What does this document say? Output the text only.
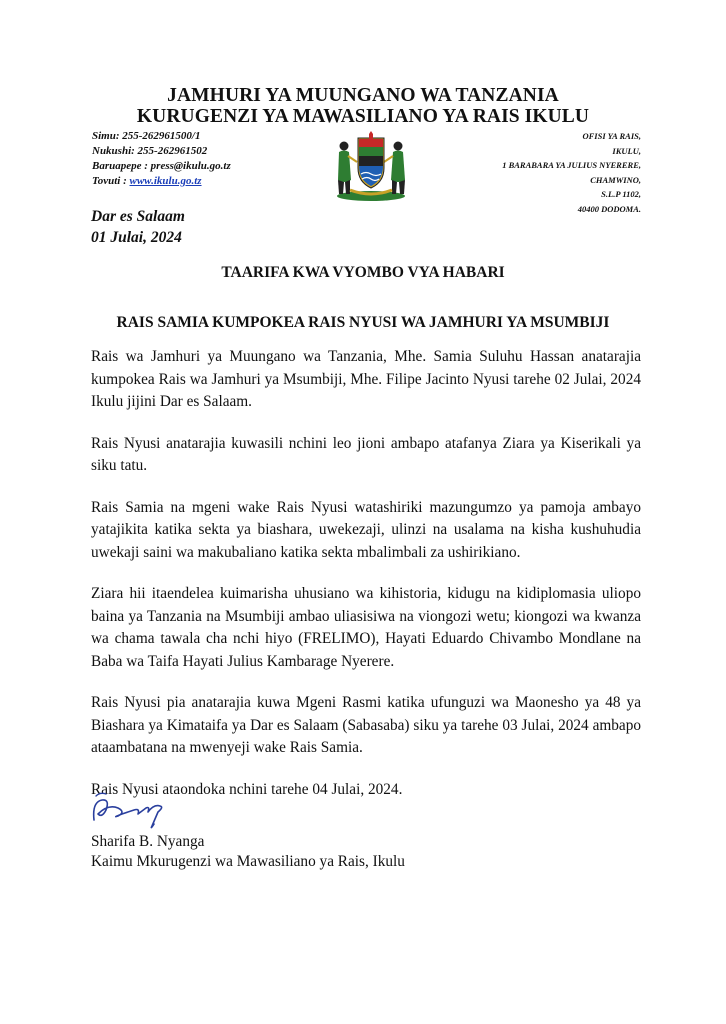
JAMHURI YA MUUNGANO WA TANZANIA
KURUGENZI YA MAWASILIANO YA RAIS IKULU
Simu: 255-262961500/1
Nukushi: 255-262961502
Baruapepe : press@ikulu.go.tz
Tovuti : www.ikulu.go.tz
OFISI YA RAIS,
IKULU,
1 BARABARA YA JULIUS NYERERE,
CHAMWINO,
S.L.P 1102,
40400 DODOMA.
Dar es Salaam
01 Julai, 2024
TAARIFA KWA VYOMBO VYA HABARI
RAIS SAMIA KUMPOKEA RAIS NYUSI WA JAMHURI YA MSUMBIJI

Rais wa Jamhuri ya Muungano wa Tanzania, Mhe. Samia Suluhu Hassan anatarajia kumpokea Rais wa Jamhuri ya Msumbiji, Mhe. Filipe Jacinto Nyusi tarehe 02 Julai, 2024 Ikulu jijini Dar es Salaam.

Rais Nyusi anatarajia kuwasili nchini leo jioni ambapo atafanya Ziara ya Kiserikali ya siku tatu.

Rais Samia na mgeni wake Rais Nyusi watashiriki mazungumzo ya pamoja ambayo yatajikita katika sekta ya biashara, uwekezaji, ulinzi na usalama na kisha kushuhudia uwekaji saini wa makubaliano katika sekta mbalimbali za ushirikiano.

Ziara hii itaendelea kuimarisha uhusiano wa kihistoria, kidugu na kidiplomasia uliopo baina ya Tanzania na Msumbiji ambao uliasisiwa na viongozi wetu; kiongozi wa kwanza wa chama tawala cha nchi hiyo (FRELIMO), Hayati Eduardo Chivambo Mondlane na Baba wa Taifa Hayati Julius Kambarage Nyerere.

Rais Nyusi pia anatarajia kuwa Mgeni Rasmi katika ufunguzi wa Maonesho ya 48 ya Biashara ya Kimataifa ya Dar es Salaam (Sabasaba) siku ya tarehe 03 Julai, 2024 ambapo ataambatana na mwenyeji wake Rais Samia.

Rais Nyusi ataondoka nchini tarehe 04 Julai, 2024.

Sharifa B. Nyanga
Kaimu Mkurugenzi wa Mawasiliano ya Rais, Ikulu
